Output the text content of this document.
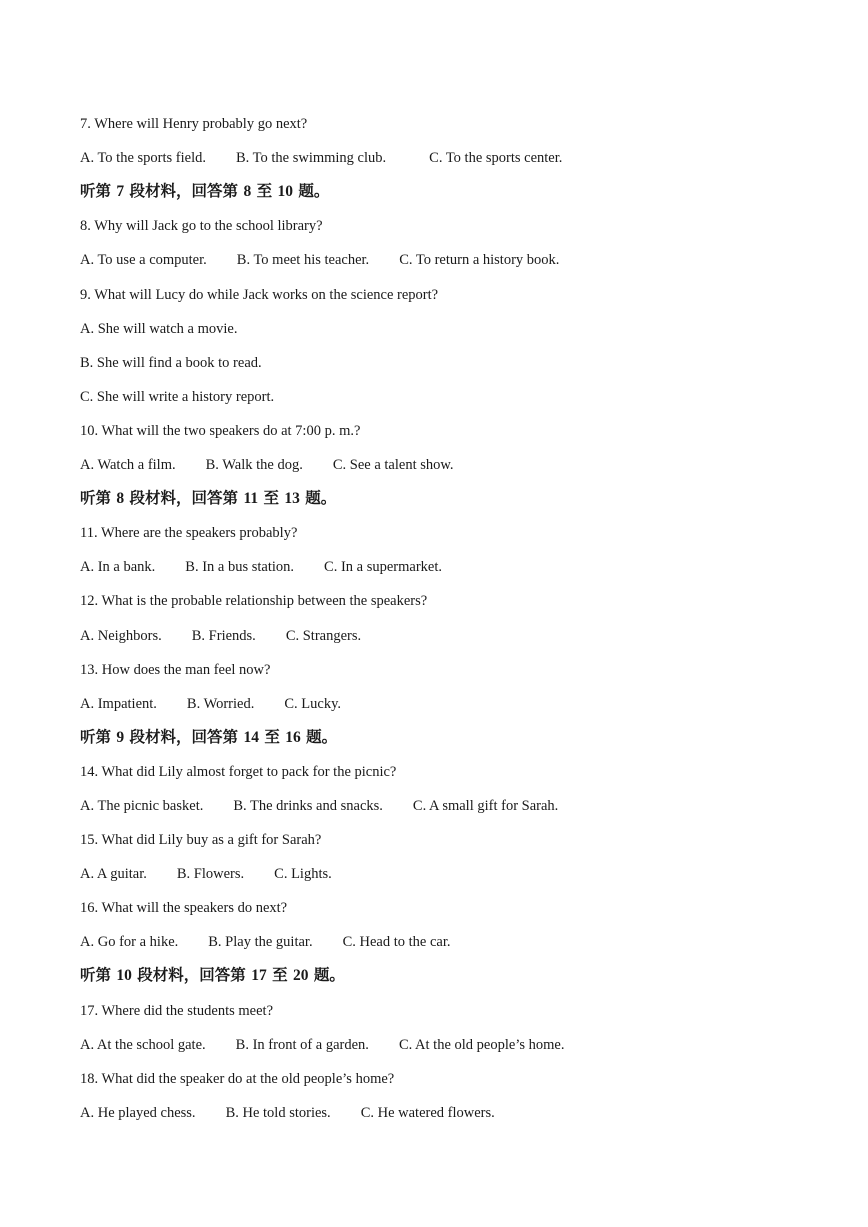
7. Where will Henry probably go next?
A. To the sports field. B. To the swimming club.	C. To the sports center.
听第 7 段材料，回答第 8 至 10 题。
8. Why will Jack go to the school library?
A. To use a computer. B. To meet his teacher. C. To return a history book.
9. What will Lucy do while Jack works on the science report?
A. She will watch a movie.
B. She will find a book to read.
C. She will write a history report.
10. What will the two speakers do at 7:00 p. m.?
A. Watch a film. B. Walk the dog. C. See a talent show.
听第 8 段材料，回答第 11 至 13 题。
11. Where are the speakers probably?
A. In a bank. B. In a bus station. C. In a supermarket.
12. What is the probable relationship between the speakers?
A. Neighbors. B. Friends. C. Strangers.
13. How does the man feel now?
A. Impatient. B. Worried. C. Lucky.
听第 9 段材料，回答第 14 至 16 题。
14. What did Lily almost forget to pack for the picnic?
A. The picnic basket. B. The drinks and snacks. C. A small gift for Sarah.
15. What did Lily buy as a gift for Sarah?
A. A guitar. B. Flowers. C. Lights.
16. What will the speakers do next?
A. Go for a hike. B. Play the guitar. C. Head to the car.
听第 10 段材料，回答第 17 至 20 题。
17. Where did the students meet?
A. At the school gate. B. In front of a garden. C. At the old people’s home.
18. What did the speaker do at the old people’s home?
A. He played chess. B. He told stories. C. He watered flowers.
